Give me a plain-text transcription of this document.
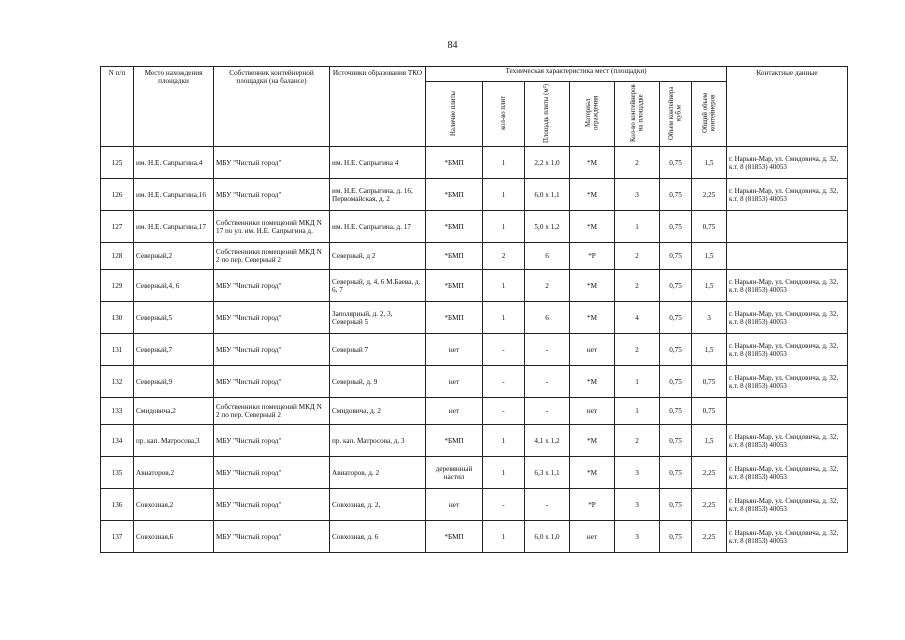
84
N п/п	Место нахождения площадки	Собственник контейнерной площадки (на балансе)	Источники образования ТКО	Техническая характеристика мест (площадки)							Контактные данные
				Наличие плиты	кол-во плит	Площадь плиты (м²)	Материал ограждения	Кол-во контейнеров на площадке	Объем контейнера куб.м	Общий объем контейнеров	
125	им. Н.Е. Сапрыгина,4	МБУ "Чистый город"	им. Н.Е. Сапрыгина 4	*БМП	1	2,2 х 1,0	*М	2	0,75	1,5	г. Нарьян-Мар, ул. Смидовича, д. 32, к.т. 8 (81853) 40053
126	им. Н.Е. Сапрыгина,16	МБУ "Чистый город"	им. Н.Е. Сапрыгина, д. 16, Первомайская, д. 2	*БМП	1	6,0 х 1,1	*М	3	0,75	2,25	г. Нарьян-Мар, ул. Смидовича, д. 32, к.т. 8 (81853) 40053
127	им. Н.Е. Сапрыгина,17	Собственники помещений МКД N 17 по ул. им. Н.Е. Сапрыгина д.	им. Н.Е. Сапрыгина, д. 17	*БМП	1	5,0 х 1,2	*М	1	0,75	0,75	
128	Северный,2	Собственники помещений МКД N 2 по пер. Северный 2	Северный, д 2	*БМП	2	6	*Р	2	0,75	1,5	
129	Северный,4, 6	МБУ "Чистый город"	Северный, д. 4, 6 М.Баева, д. 6, 7	*БМП	1	2	*М	2	0,75	1,5	г. Нарьян-Мар, ул. Смидовича, д. 32, к.т. 8 (81853) 40053
130	Северный,5	МБУ "Чистый город"	Заполярный, д. 2, 3, Северный 5	*БМП	1	6	*М	4	0,75	3	г. Нарьян-Мар, ул. Смидовича, д. 32, к.т. 8 (81853) 40053
131	Северный,7	МБУ "Чистый город"	Северный 7	нет	-	-	нет	2	0,75	1,5	г. Нарьян-Мар, ул. Смидовича, д. 32, к.т. 8 (81853) 40053
132	Северный,9	МБУ "Чистый город"	Северный, д. 9	нет	-	-	*М	1	0,75	0,75	г. Нарьян-Мар, ул. Смидовича, д. 32, к.т. 8 (81853) 40053
133	Смидовича,2	Собственники помещений МКД N 2 по пер. Северный 2	Смидовича, д. 2	нет	-	-	нет	1	0,75	0,75	
134	пр. кап. Матросова,3	МБУ "Чистый город"	пр. кап. Матросова, д. 3	*БМП	1	4,1 х 1,2	*М	2	0,75	1,5	г. Нарьян-Мар, ул. Смидовича, д. 32, к.т. 8 (81853) 40053
135	Авиаторов,2	МБУ "Чистый город"	Авиаторов, д. 2	деревянный настил	1	6,3 х 1,1	*М	3	0,75	2,25	г. Нарьян-Мар, ул. Смидовича, д. 32, к.т. 8 (81853) 40053
136	Совхозная,2	МБУ "Чистый город"	Совхозная, д. 2,	нет	-	-	*Р	3	0,75	2,25	г. Нарьян-Мар, ул. Смидовича, д. 32, к.т. 8 (81853) 40053
137	Совхозная,6	МБУ "Чистый город"	Совхозная, д. 6	*БМП	1	6,0 х 1,0	нет	3	0,75	2,25	г. Нарьян-Мар, ул. Смидовича, д. 32, к.т. 8 (81853) 40053
